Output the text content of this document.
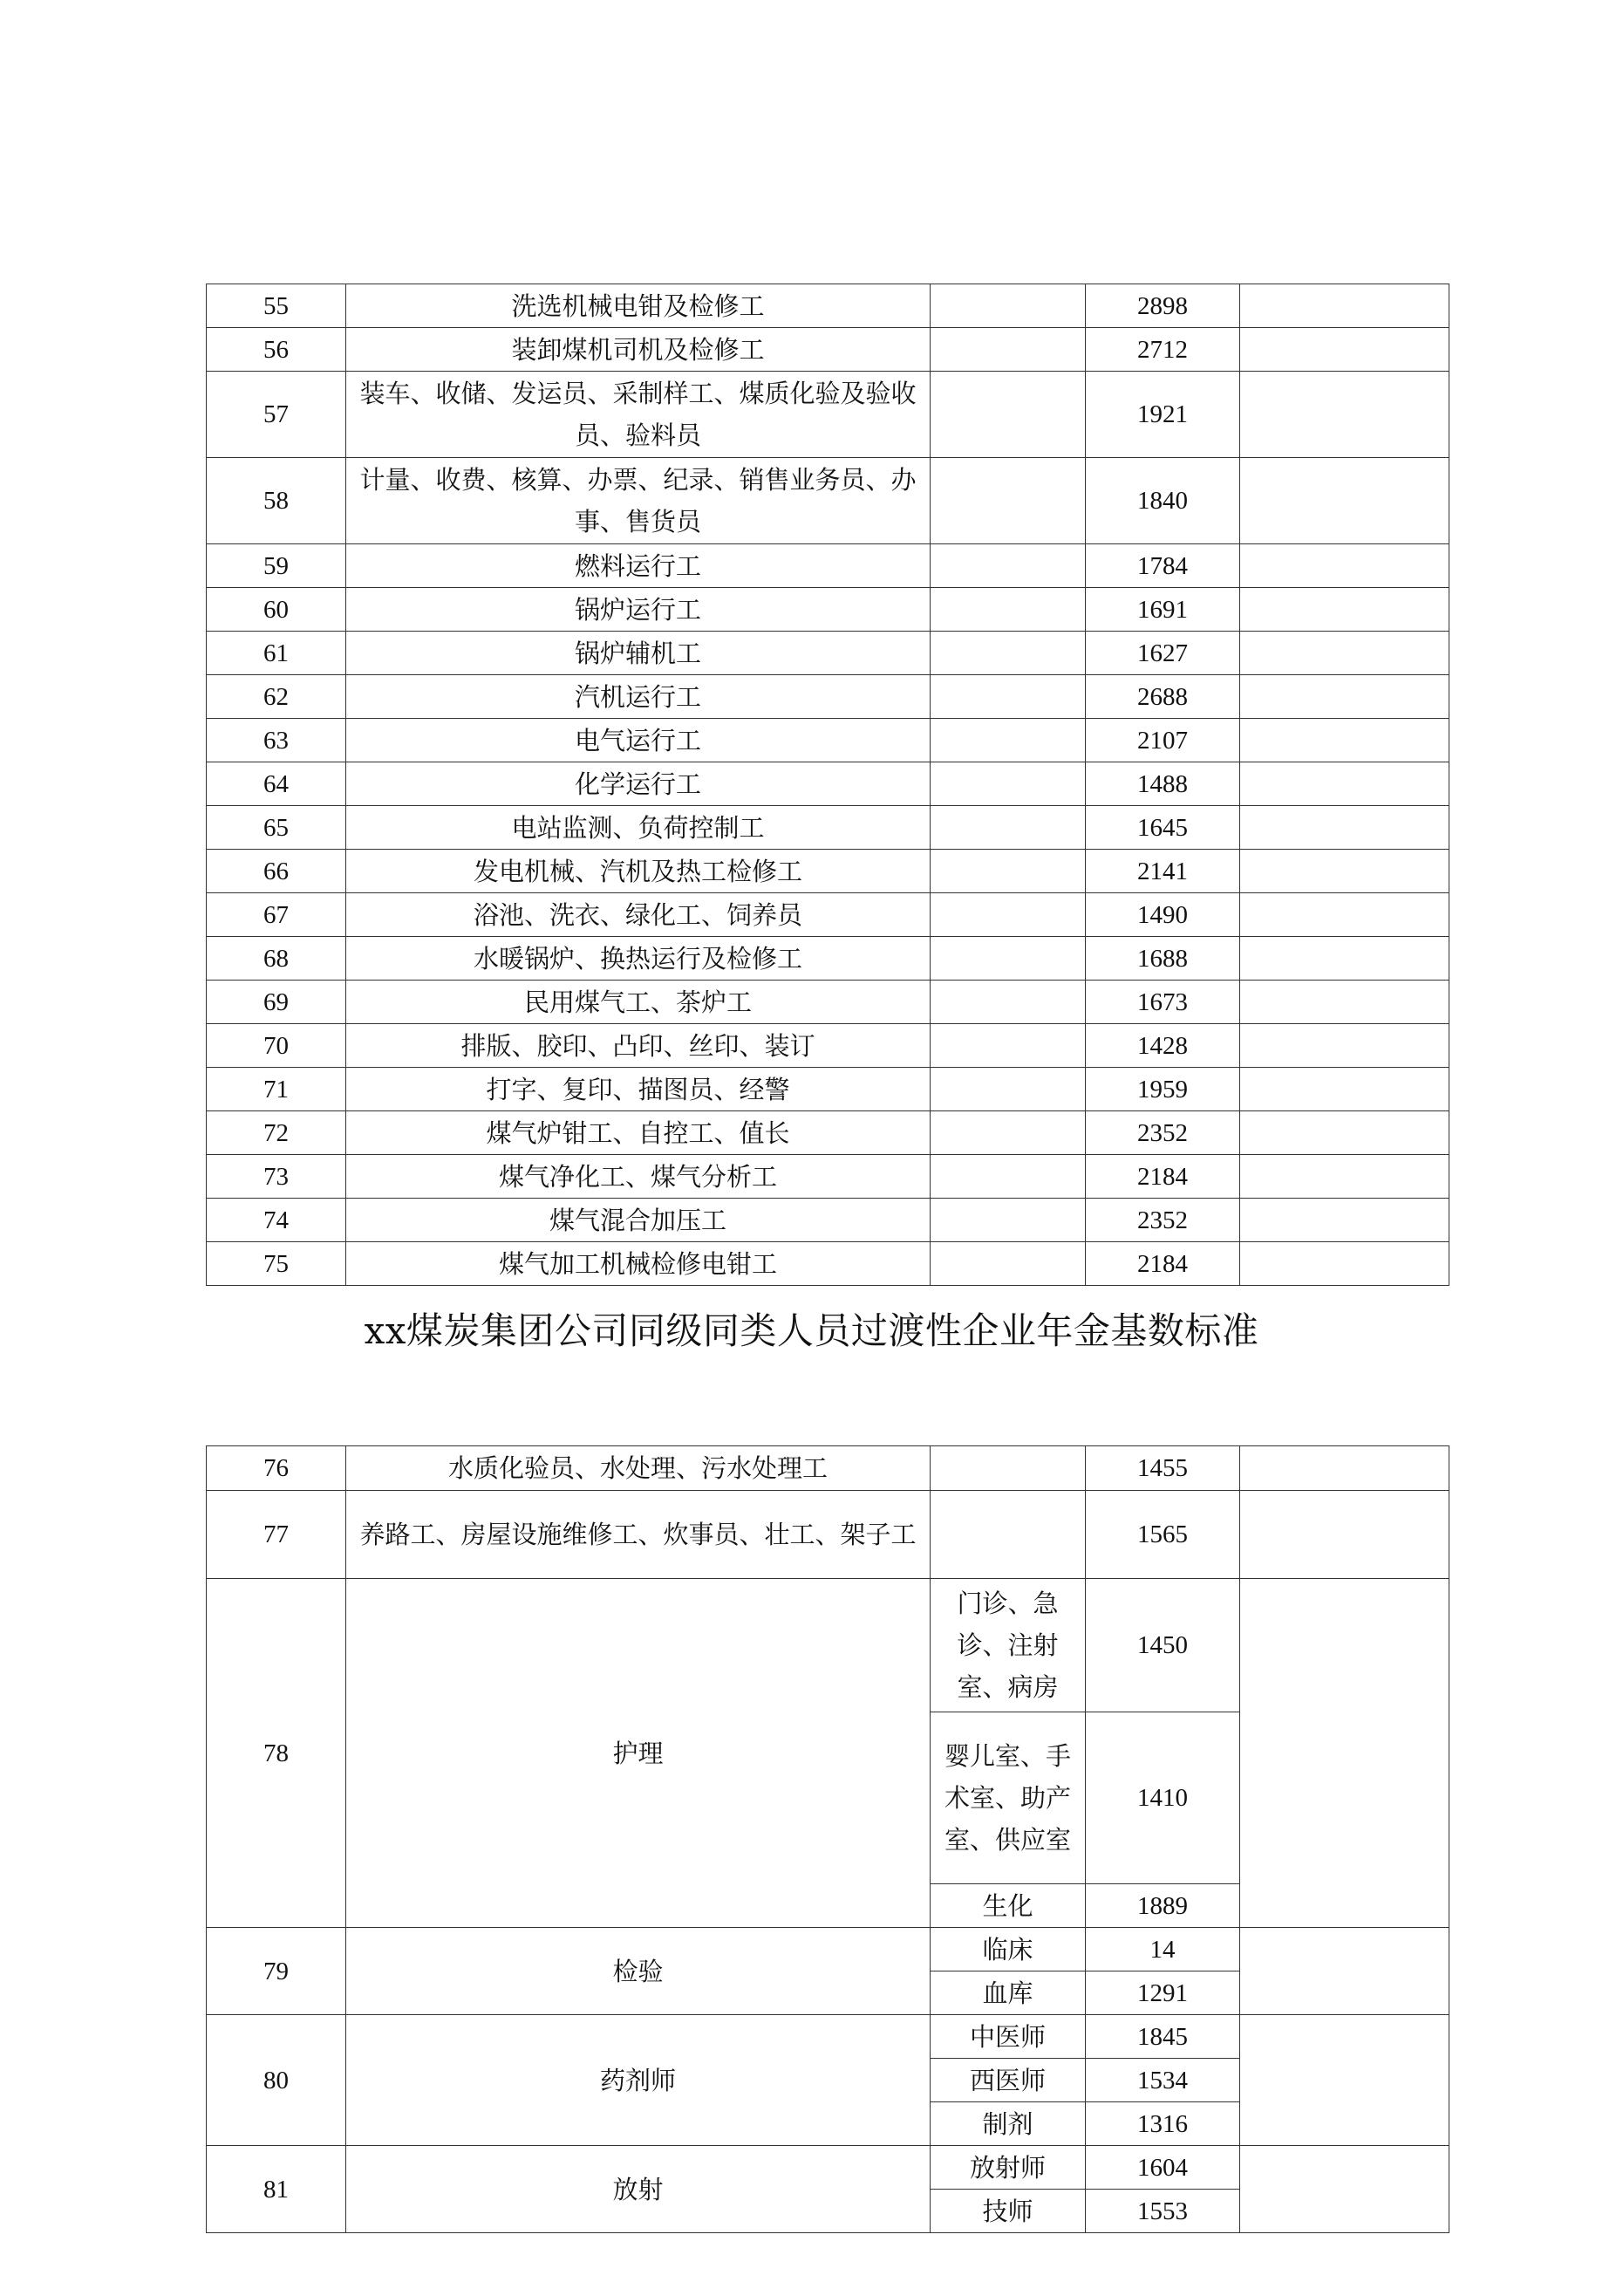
55	洗选机械电钳及检修工		2898	
56	装卸煤机司机及检修工		2712	
57	装车、收储、发运员、采制样工、煤质化验及验收员、验料员		1921	
58	计量、收费、核算、办票、纪录、销售业务员、办事、售货员		1840	
59	燃料运行工		1784	
60	锅炉运行工		1691	
61	锅炉辅机工		1627	
62	汽机运行工		2688	
63	电气运行工		2107	
64	化学运行工		1488	
65	电站监测、负荷控制工		1645	
66	发电机械、汽机及热工检修工		2141	
67	浴池、洗衣、绿化工、饲养员		1490	
68	水暖锅炉、换热运行及检修工		1688	
69	民用煤气工、茶炉工		1673	
70	排版、胶印、凸印、丝印、装订		1428	
71	打字、复印、描图员、经警		1959	
72	煤气炉钳工、自控工、值长		2352	
73	煤气净化工、煤气分析工		2184	
74	煤气混合加压工		2352	
75	煤气加工机械检修电钳工		2184	
xx煤炭集团公司同级同类人员过渡性企业年金基数标准
76	水质化验员、水处理、污水处理工		1455	
77	养路工、房屋设施维修工、炊事员、壮工、架子工		1565	
78	护理	门诊、急诊、注射室、病房	1450	
		婴儿室、手术室、助产室、供应室	1410	
		生化	1889	
79	检验	临床	14	
		血库	1291	
80	药剂师	中医师	1845	
		西医师	1534	
		制剂	1316	
81	放射	放射师	1604	
		技师	1553	
